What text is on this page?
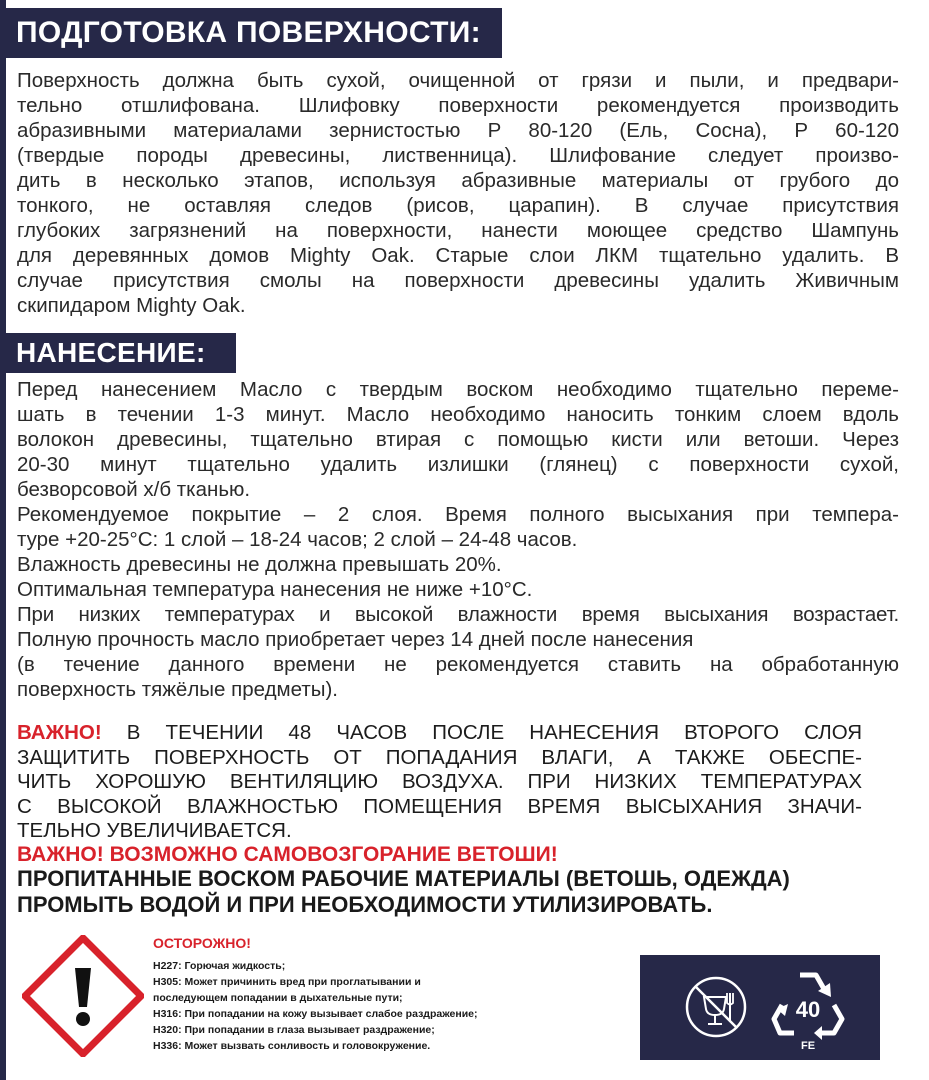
ПОДГОТОВКА ПОВЕРХНОСТИ:
Поверхность должна быть сухой, очищенной от грязи и пыли, и предвари-
тельно отшлифована. Шлифовку поверхности рекомендуется производить
абразивными материалами зернистостью Р 80-120 (Ель, Сосна), Р 60-120
(твердые породы древесины, лиственница). Шлифование следует произво-
дить в несколько этапов, используя абразивные материалы от грубого до
тонкого, не оставляя следов (рисов, царапин). В случае присутствия
глубоких загрязнений на поверхности, нанести моющее средство Шампунь
для деревянных домов Mighty Oak. Старые слои ЛКМ тщательно удалить. В
случае присутствия смолы на поверхности древесины удалить Живичным
скипидаром Mighty Oak.
НАНЕСЕНИЕ:
Перед нанесением Масло с твердым воском необходимо тщательно переме-
шать в течении 1-3 минут. Масло необходимо наносить тонким слоем вдоль
волокон древесины, тщательно втирая с помощью кисти или ветоши. Через
20-30 минут тщательно удалить излишки (глянец) с поверхности сухой,
безворсовой х/б тканью.
Рекомендуемое покрытие – 2 слоя. Время полного высыхания при темпера-
туре +20-25°С: 1 слой – 18-24 часов; 2 слой – 24-48 часов.
Влажность древесины не должна превышать 20%.
Оптимальная температура нанесения не ниже +10°С.
При низких температурах и высокой влажности время высыхания возрастает.
Полную прочность масло приобретает через 14 дней после нанесения
(в течение данного времени не рекомендуется ставить на обработанную
поверхность тяжёлые предметы).
ВАЖНО! В ТЕЧЕНИИ 48 ЧАСОВ ПОСЛЕ НАНЕСЕНИЯ ВТОРОГО СЛОЯ
ЗАЩИТИТЬ ПОВЕРХНОСТЬ ОТ ПОПАДАНИЯ ВЛАГИ, А ТАКЖЕ ОБЕСПЕ-
ЧИТЬ ХОРОШУЮ ВЕНТИЛЯЦИЮ ВОЗДУХА. ПРИ НИЗКИХ ТЕМПЕРАТУРАХ
С ВЫСОКОЙ ВЛАЖНОСТЬЮ ПОМЕЩЕНИЯ ВРЕМЯ ВЫСЫХАНИЯ ЗНАЧИ-
ТЕЛЬНО УВЕЛИЧИВАЕТСЯ.
ВАЖНО! ВОЗМОЖНО САМОВОЗГОРАНИЕ ВЕТОШИ!
ПРОПИТАННЫЕ ВОСКОМ РАБОЧИЕ МАТЕРИАЛЫ (ВЕТОШЬ, ОДЕЖДА)
ПРОМЫТЬ ВОДОЙ И ПРИ НЕОБХОДИМОСТИ УТИЛИЗИРОВАТЬ.
ОСТОРОЖНО!
H227: Горючая жидкость;
H305: Может причинить вред при проглатывании и
последующем попадании в дыхательные пути;
H316: При попадании на кожу вызывает слабое раздражение;
H320: При попадании в глаза вызывает раздражение;
H336: Может вызвать сонливость и головокружение.
40
FE
